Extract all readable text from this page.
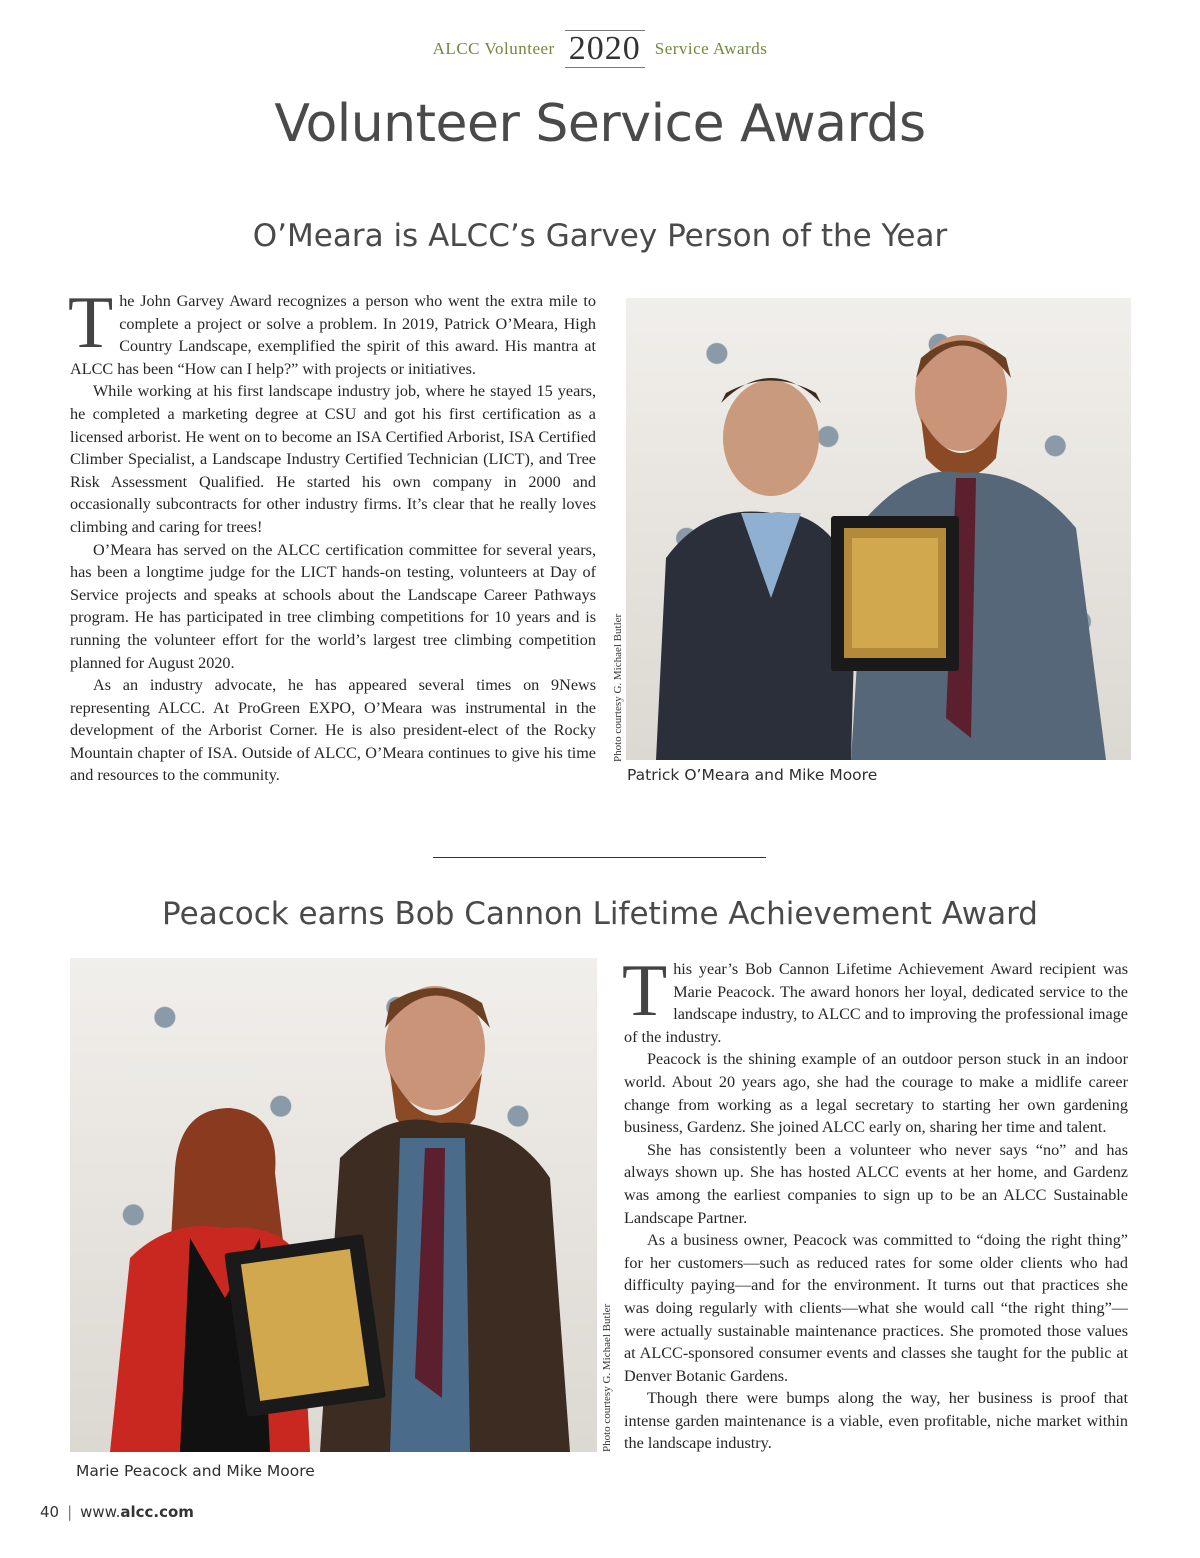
ALCC Volunteer 2020 Service Awards
Volunteer Service Awards
O’Meara is ALCC’s Garvey Person of the Year

The John Garvey Award recognizes a person who went the extra mile to complete a project or solve a problem. In 2019, Patrick O’Meara, High Country Landscape, exemplified the spirit of this award. His mantra at ALCC has been “How can I help?” with projects or initiatives.

While working at his first landscape industry job, where he stayed 15 years, he completed a marketing degree at CSU and got his first certification as a licensed arborist. He went on to become an ISA Certified Arborist, ISA Certified Climber Specialist, a Landscape Industry Certified Technician (LICT), and Tree Risk Assessment Qualified. He started his own company in 2000 and occasionally subcontracts for other industry firms. It’s clear that he really loves climbing and caring for trees!

O’Meara has served on the ALCC certification committee for several years, has been a longtime judge for the LICT hands-on testing, volunteers at Day of Service projects and speaks at schools about the Landscape Career Pathways program. He has participated in tree climbing competitions for 10 years and is running the volunteer effort for the world’s largest tree climbing competition planned for August 2020.

As an industry advocate, he has appeared several times on 9News representing ALCC. At ProGreen EXPO, O’Meara was instrumental in the development of the Arborist Corner. He is also president-elect of the Rocky Mountain chapter of ISA. Outside of ALCC, O’Meara continues to give his time and resources to the community.

Photo courtesy G. Michael Butler
Patrick O’Meara and Mike Moore
Peacock earns Bob Cannon Lifetime Achievement Award
Photo courtesy G. Michael Butler
Marie Peacock and Mike Moore

This year’s Bob Cannon Lifetime Achievement Award recipient was Marie Peacock. The award honors her loyal, dedicated service to the landscape industry, to ALCC and to improving the professional image of the industry.

Peacock is the shining example of an outdoor person stuck in an indoor world. About 20 years ago, she had the courage to make a midlife career change from working as a legal secretary to starting her own gardening business, Gardenz. She joined ALCC early on, sharing her time and talent.

She has consistently been a volunteer who never says “no” and has always shown up. She has hosted ALCC events at her home, and Gardenz was among the earliest companies to sign up to be an ALCC Sustainable Landscape Partner.

As a business owner, Peacock was committed to “doing the right thing” for her customers—such as reduced rates for some older clients who had difficulty paying—and for the environment. It turns out that practices she was doing regularly with clients—what she would call “the right thing”—were actually sustainable maintenance practices. She promoted those values at ALCC-sponsored consumer events and classes she taught for the public at Denver Botanic Gardens.

Though there were bumps along the way, her business is proof that intense garden maintenance is a viable, even profitable, niche market within the landscape industry.

40 | www.alcc.com
